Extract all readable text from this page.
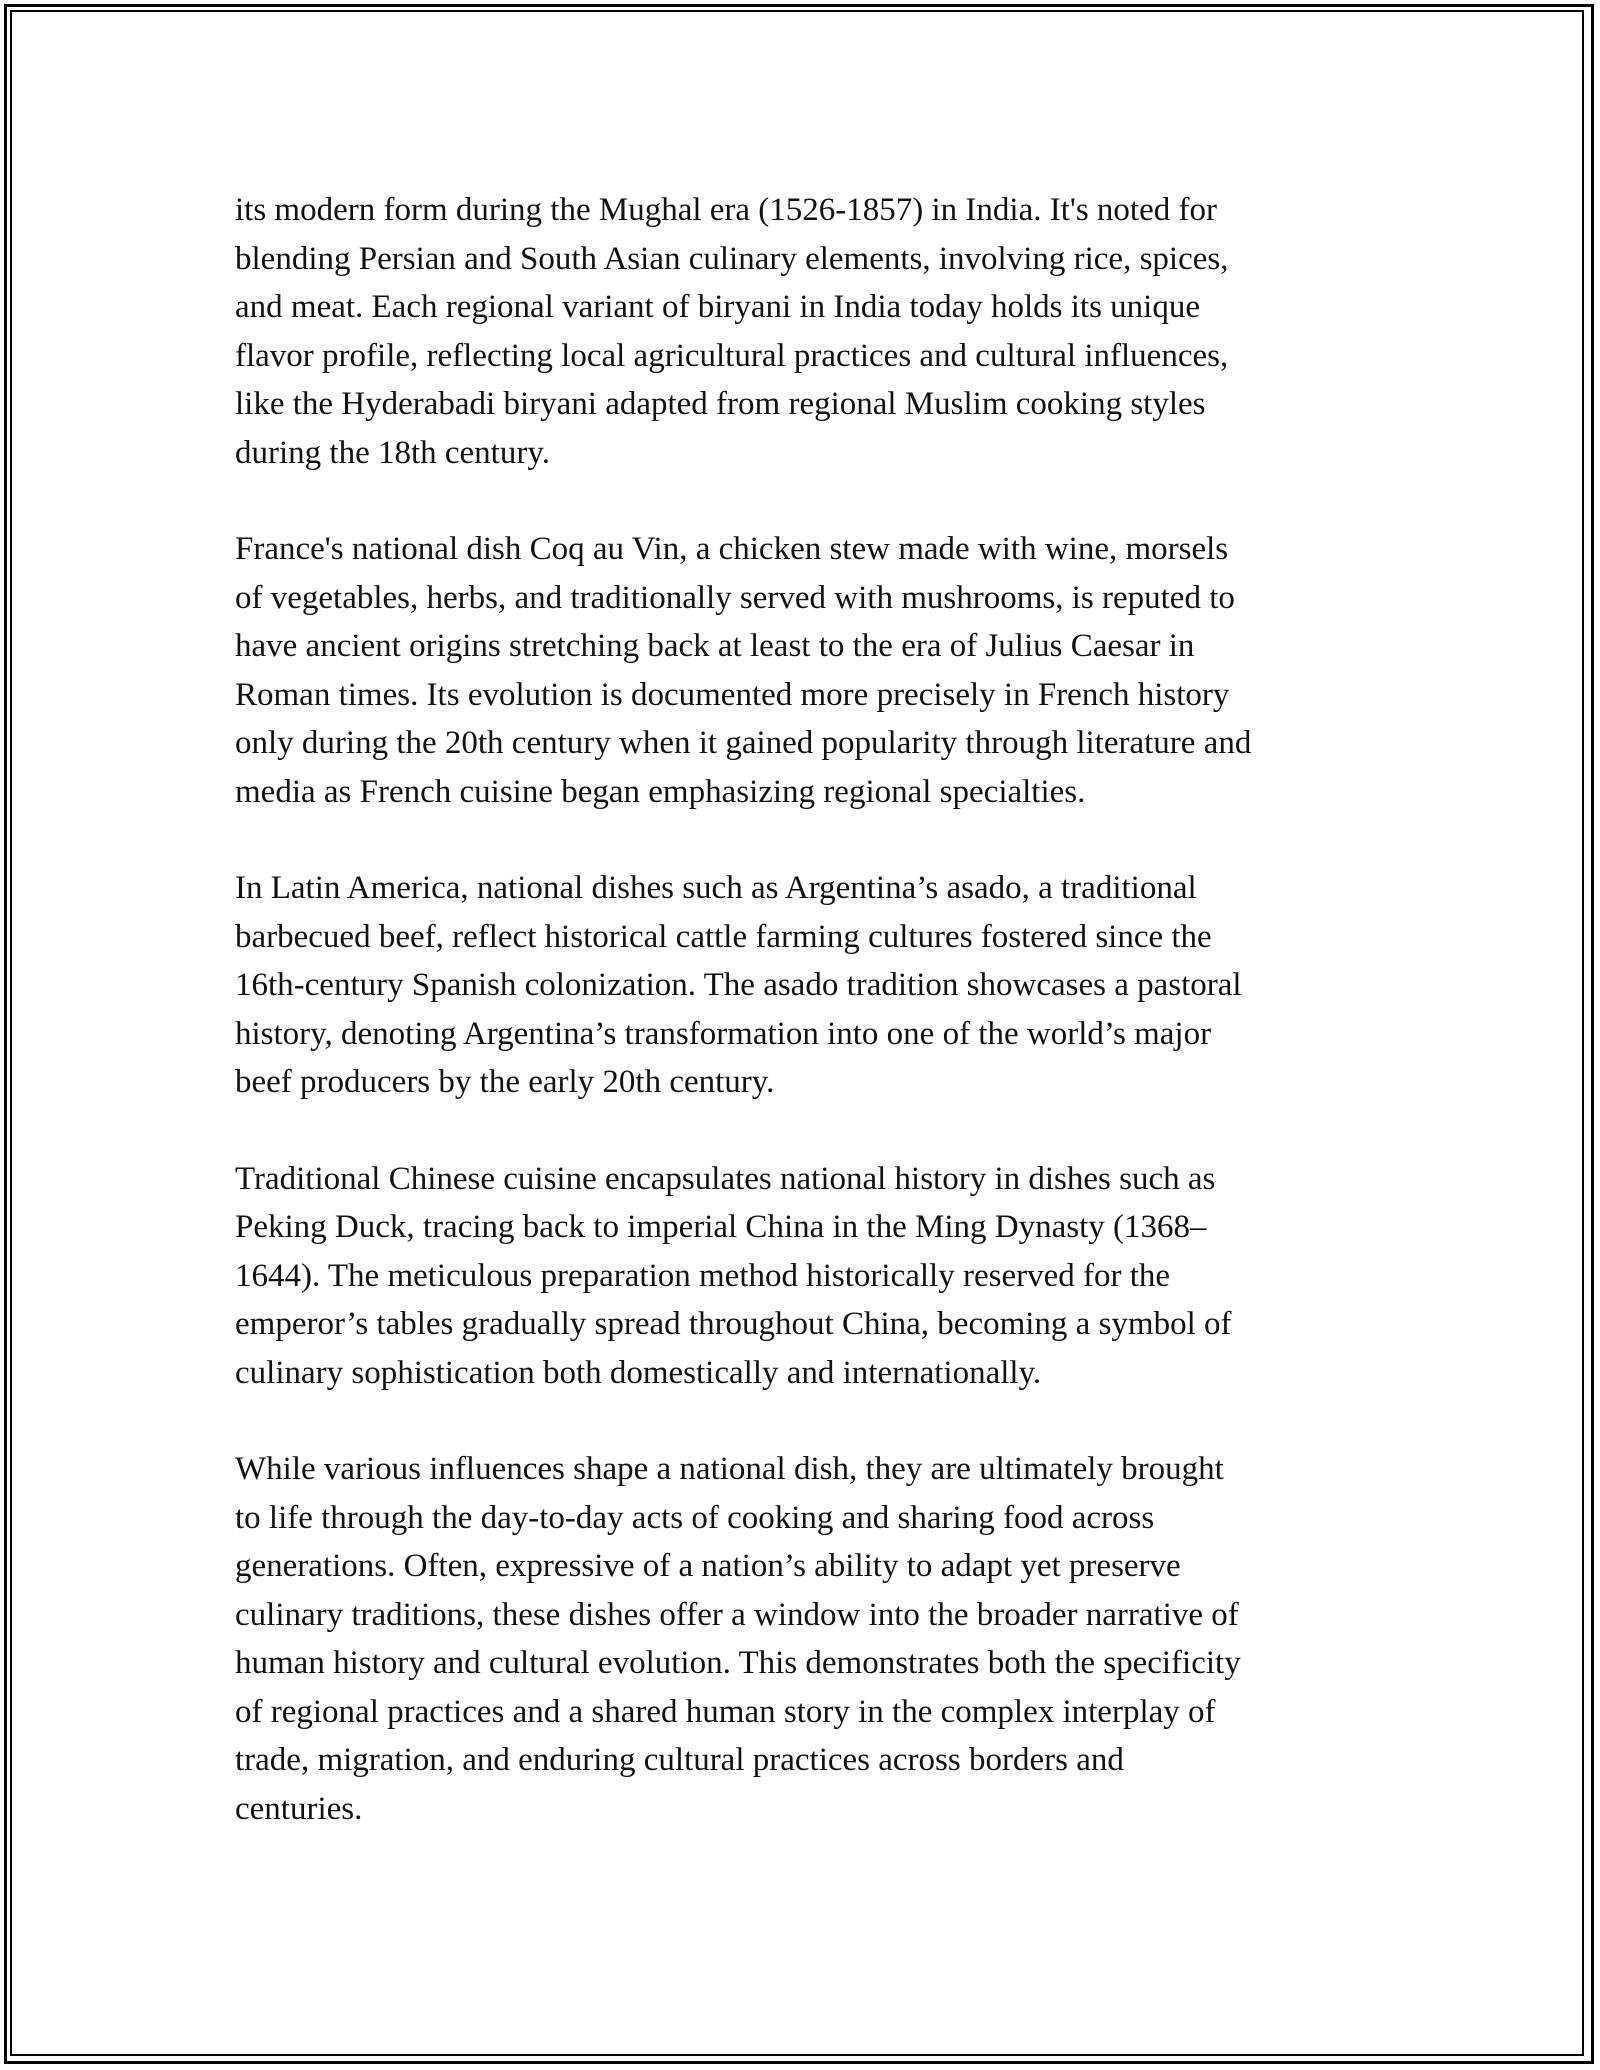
its modern form during the Mughal era (1526-1857) in India. It's noted for
blending Persian and South Asian culinary elements, involving rice, spices,
and meat. Each regional variant of biryani in India today holds its unique
flavor profile, reflecting local agricultural practices and cultural influences,
like the Hyderabadi biryani adapted from regional Muslim cooking styles
during the 18th century.

France's national dish Coq au Vin, a chicken stew made with wine, morsels
of vegetables, herbs, and traditionally served with mushrooms, is reputed to
have ancient origins stretching back at least to the era of Julius Caesar in
Roman times. Its evolution is documented more precisely in French history
only during the 20th century when it gained popularity through literature and
media as French cuisine began emphasizing regional specialties.

In Latin America, national dishes such as Argentina’s asado, a traditional
barbecued beef, reflect historical cattle farming cultures fostered since the
16th-century Spanish colonization. The asado tradition showcases a pastoral
history, denoting Argentina’s transformation into one of the world’s major
beef producers by the early 20th century.

Traditional Chinese cuisine encapsulates national history in dishes such as
Peking Duck, tracing back to imperial China in the Ming Dynasty (1368–
1644). The meticulous preparation method historically reserved for the
emperor’s tables gradually spread throughout China, becoming a symbol of
culinary sophistication both domestically and internationally.

While various influences shape a national dish, they are ultimately brought
to life through the day-to-day acts of cooking and sharing food across
generations. Often, expressive of a nation’s ability to adapt yet preserve
culinary traditions, these dishes offer a window into the broader narrative of
human history and cultural evolution. This demonstrates both the specificity
of regional practices and a shared human story in the complex interplay of
trade, migration, and enduring cultural practices across borders and
centuries.
